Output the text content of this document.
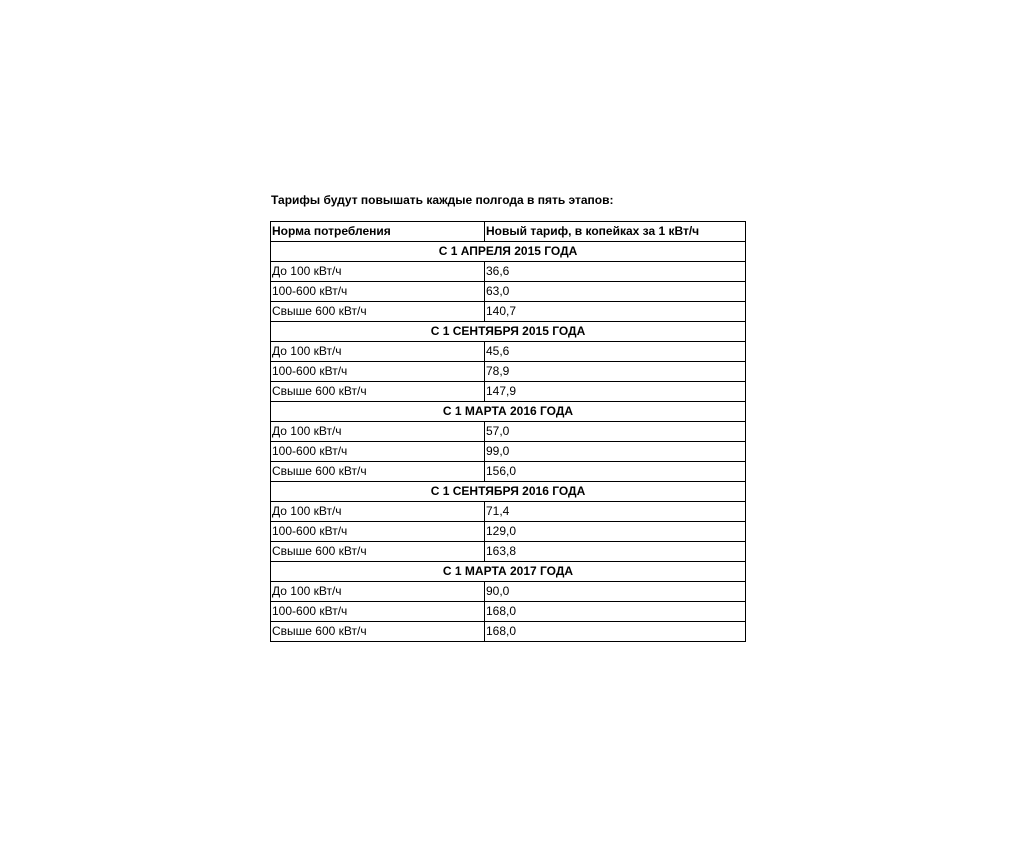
Тарифы будут повышать каждые полгода в пять этапов:
Норма потребления	Новый тариф, в копейках за 1 кВт/ч
С 1 АПРЕЛЯ 2015 ГОДА	
До 100 кВт/ч	36,6
100-600 кВт/ч	63,0
Свыше 600 кВт/ч	140,7
С 1 СЕНТЯБРЯ 2015 ГОДА	
До 100 кВт/ч	45,6
100-600 кВт/ч	78,9
Свыше 600 кВт/ч	147,9
С 1 МАРТА 2016 ГОДА	
До 100 кВт/ч	57,0
100-600 кВт/ч	99,0
Свыше 600 кВт/ч	156,0
С 1 СЕНТЯБРЯ 2016 ГОДА	
До 100 кВт/ч	71,4
100-600 кВт/ч	129,0
Свыше 600 кВт/ч	163,8
С 1 МАРТА 2017 ГОДА	
До 100 кВт/ч	90,0
100-600 кВт/ч	168,0
Свыше 600 кВт/ч	168,0
